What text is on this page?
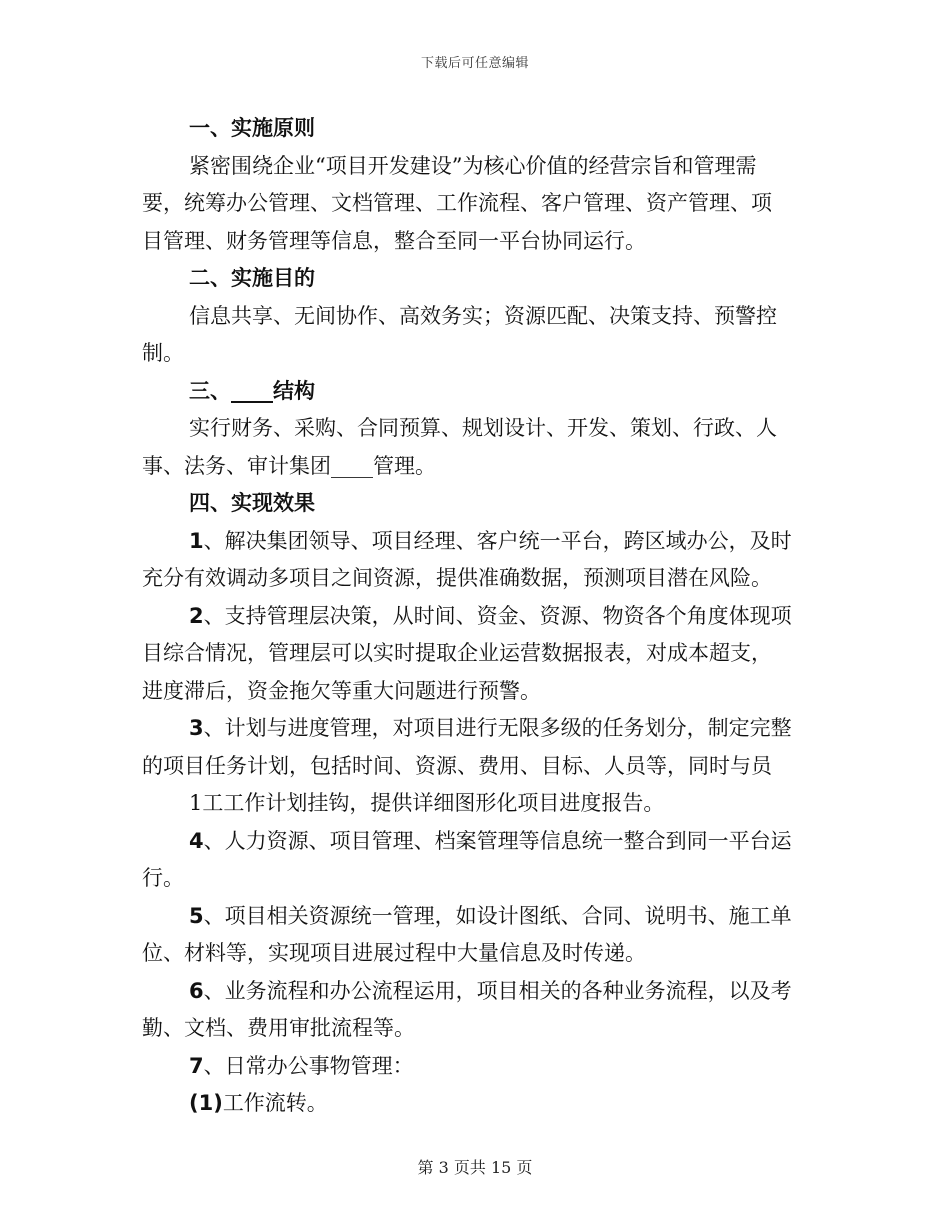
下载后可任意编辑
一、实施原则
紧密围绕企业“项目开发建设”为核心价值的经营宗旨和管理需
要，统筹办公管理、文档管理、工作流程、客户管理、资产管理、项
目管理、财务管理等信息，整合至同一平台协同运行。
二、实施目的
信息共享、无间协作、高效务实；资源匹配、决策支持、预警控
制。
三、____结构
实行财务、采购、合同预算、规划设计、开发、策划、行政、人
事、法务、审计集团____管理。
四、实现效果
1、解决集团领导、项目经理、客户统一平台，跨区域办公，及时
充分有效调动多项目之间资源，提供准确数据，预测项目潜在风险。
2、支持管理层决策，从时间、资金、资源、物资各个角度体现项
目综合情况，管理层可以实时提取企业运营数据报表，对成本超支，
进度滞后，资金拖欠等重大问题进行预警。
3、计划与进度管理，对项目进行无限多级的任务划分，制定完整
的项目任务计划，包括时间、资源、费用、目标、人员等，同时与员
1工工作计划挂钩，提供详细图形化项目进度报告。
4、人力资源、项目管理、档案管理等信息统一整合到同一平台运
行。
5、项目相关资源统一管理，如设计图纸、合同、说明书、施工单
位、材料等，实现项目进展过程中大量信息及时传递。
6、业务流程和办公流程运用，项目相关的各种业务流程，以及考
勤、文档、费用审批流程等。
7、日常办公事物管理：
(1)工作流转。
第 3 页共 15 页
